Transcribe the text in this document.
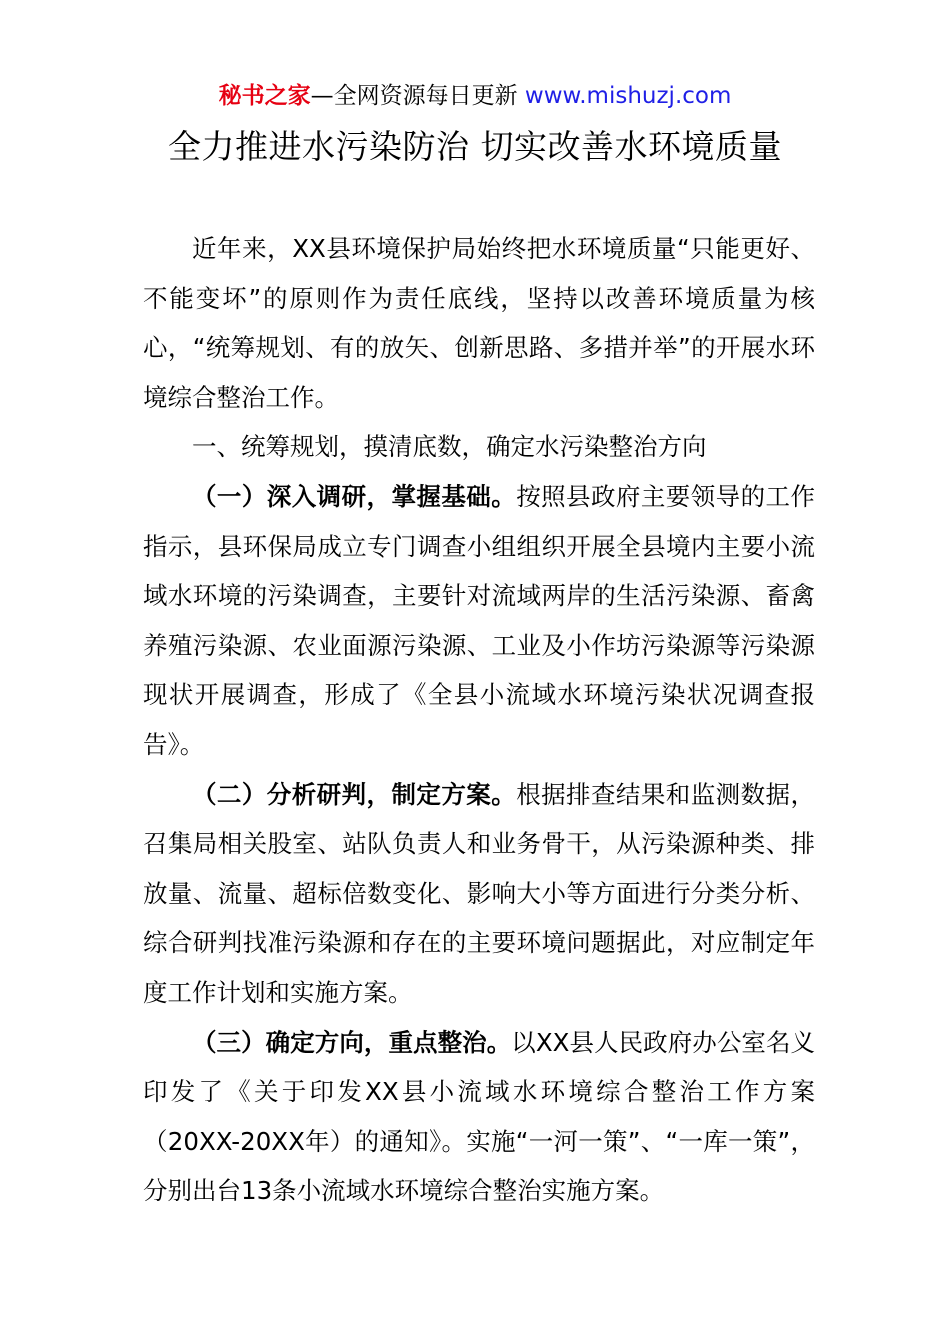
秘书之家—全网资源每日更新 www.mishuzj.com
全力推进水污染防治 切实改善水环境质量

近年来，XX县环境保护局始终把水环境质量“只能更好、不能变坏”的原则作为责任底线，坚持以改善环境质量为核心，“统筹规划、有的放矢、创新思路、多措并举”的开展水环境综合整治工作。

一、统筹规划，摸清底数，确定水污染整治方向

（一）深入调研，掌握基础。按照县政府主要领导的工作指示，县环保局成立专门调查小组组织开展全县境内主要小流域水环境的污染调查，主要针对流域两岸的生活污染源、畜禽养殖污染源、农业面源污染源、工业及小作坊污染源等污染源现状开展调查，形成了《全县小流域水环境污染状况调查报告》。

（二）分析研判，制定方案。根据排查结果和监测数据，召集局相关股室、站队负责人和业务骨干，从污染源种类、排放量、流量、超标倍数变化、影响大小等方面进行分类分析、综合研判找准污染源和存在的主要环境问题据此，对应制定年度工作计划和实施方案。

（三）确定方向，重点整治。以XX县人民政府办公室名义印发了《关于印发XX县小流域水环境综合整治工作方案（20XX-20XX年）的通知》。实施“一河一策”、“一库一策”，分别出台13条小流域水环境综合整治实施方案。
